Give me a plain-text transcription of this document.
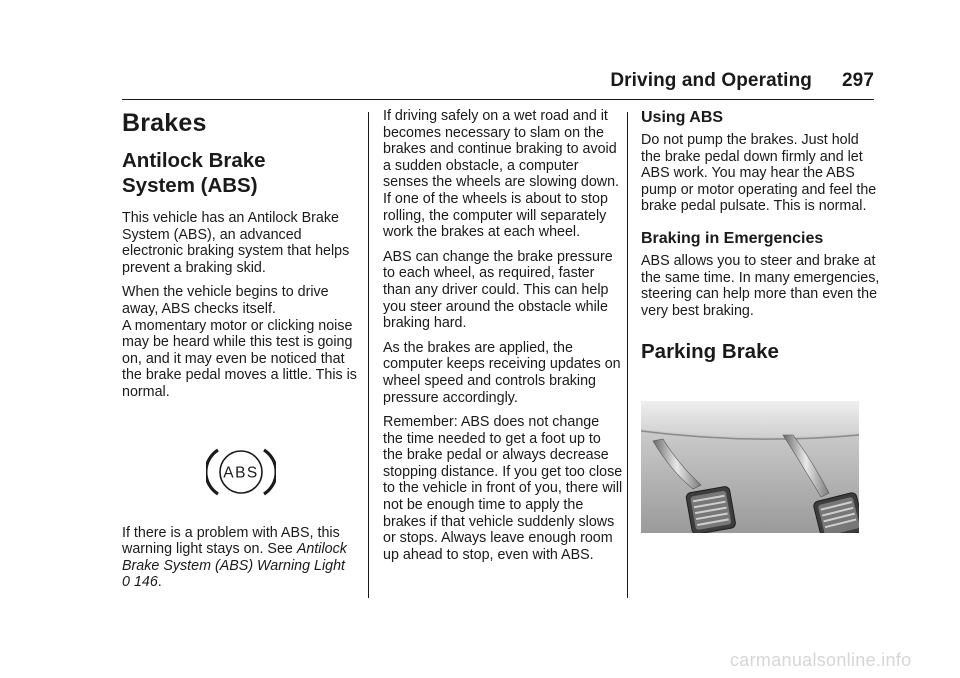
Driving and Operating 297
Brakes
Antilock Brake
System (ABS)

This vehicle has an Antilock Brake System (ABS), an advanced electronic braking system that helps prevent a braking skid.

When the vehicle begins to drive away, ABS checks itself.
A momentary motor or clicking noise may be heard while this test is going on, and it may even be noticed that the brake pedal moves a little. This is normal.

ABS

If there is a problem with ABS, this warning light stays on. See Antilock Brake System (ABS) Warning Light
0 146.

If driving safely on a wet road and it becomes necessary to slam on the brakes and continue braking to avoid a sudden obstacle, a computer senses the wheels are slowing down. If one of the wheels is about to stop rolling, the computer will separately work the brakes at each wheel.

ABS can change the brake pressure to each wheel, as required, faster than any driver could. This can help you steer around the obstacle while braking hard.

As the brakes are applied, the computer keeps receiving updates on wheel speed and controls braking pressure accordingly.

Remember: ABS does not change the time needed to get a foot up to the brake pedal or always decrease stopping distance. If you get too close to the vehicle in front of you, there will not be enough time to apply the brakes if that vehicle suddenly slows or stops. Always leave enough room up ahead to stop, even with ABS.

Using ABS

Do not pump the brakes. Just hold the brake pedal down firmly and let ABS work. You may hear the ABS pump or motor operating and feel the brake pedal pulsate. This is normal.

Braking in Emergencies

ABS allows you to steer and brake at the same time. In many emergencies, steering can help more than even the very best braking.

Parking Brake
carmanualsonline.info
